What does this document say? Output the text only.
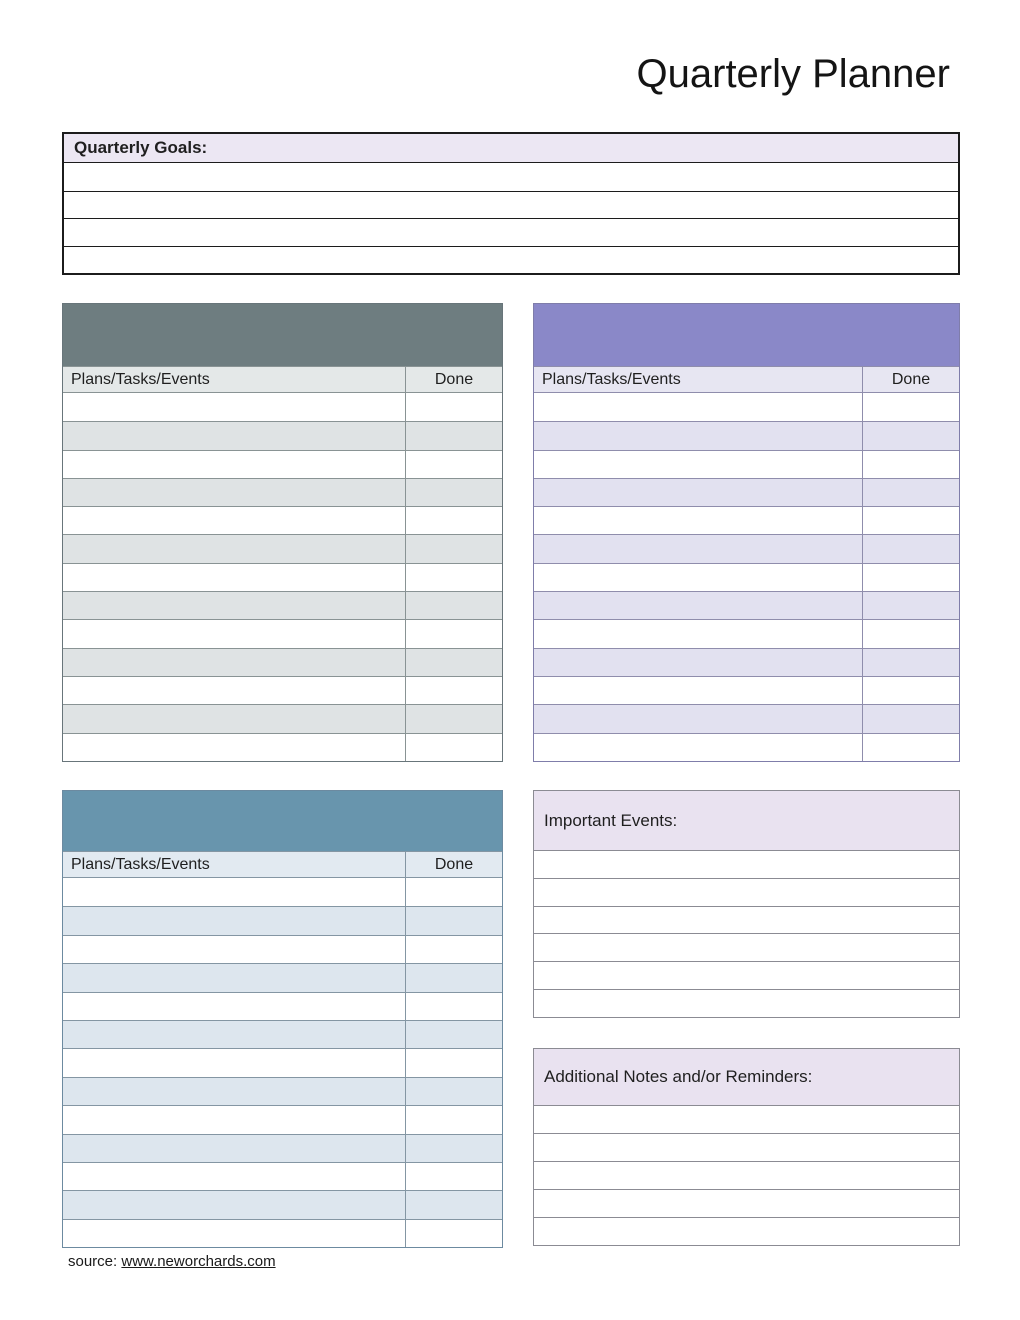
Quarterly Planner
Quarterly Goals:
Plans/Tasks/Events	Done	Plans/Tasks/Events	Done
Plans/Tasks/Events	Done
Important Events:
Additional Notes and/or Reminders:
source: www.neworchards.com
